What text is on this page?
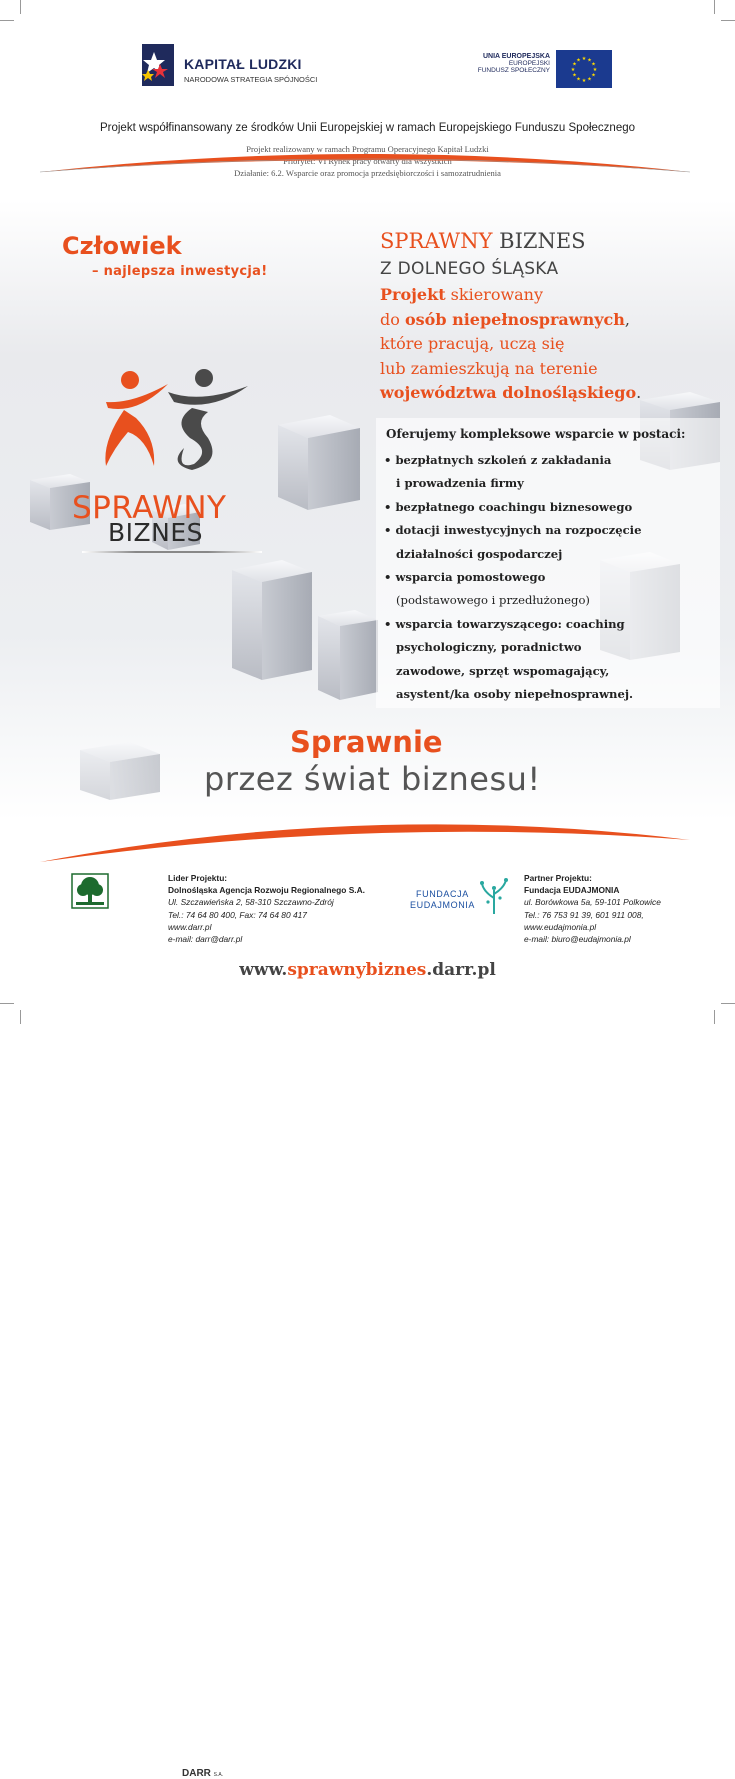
KAPITAŁ LUDZKI
NARODOWA STRATEGIA SPÓJNOŚCI
UNIA EUROPEJSKA
EUROPEJSKI
FUNDUSZ SPOŁECZNY	★
★
★
★
★
★
★
★
★ ★ ★
★
Projekt współfinansowany ze środków Unii Europejskiej w ramach Europejskiego Funduszu Społecznego
Projekt realizowany w ramach Programu Operacyjnego Kapitał Ludzki
Priorytet: VI Rynek pracy otwarty dla wszystkich
Działanie: 6.2. Wsparcie oraz promocja przedsiębiorczości i samozatrudnienia
Człowiek
– najlepsza inwestycja!
SPRAWNY
BIZNES
SPRAWNY BIZNES
Z DOLNEGO ŚLĄSKA
Projekt skierowany
do osób niepełnosprawnych,
które pracują, uczą się
lub zamieszkują na terenie
województwa dolnośląskiego.
Oferujemy kompleksowe wsparcie w postaci:
• bezpłatnych szkoleń z zakładania
i prowadzenia firmy
• bezpłatnego coachingu biznesowego
• dotacji inwestycyjnych na rozpoczęcie
działalności gospodarczej
• wsparcia pomostowego
(podstawowego i przedłużonego)
• wsparcia towarzyszącego: coaching
psychologiczny, poradnictwo
zawodowe, sprzęt wspomagający,
asystent/ka osoby niepełnosprawnej.
Sprawnie
przez świat biznesu!
DARR S.A.
Lider Projektu:
Dolnośląska Agencja Rozwoju Regionalnego S.A.
Ul. Szczawieńska 2, 58-310 Szczawno-Zdrój
Tel.: 74 64 80 400, Fax: 74 64 80 417
www.darr.pl
e-mail: darr@darr.pl
FUNDACJA
EUDAJMONIA
Partner Projektu:
Fundacja EUDAJMONIA
ul. Borówkowa 5a, 59-101 Polkowice
Tel.: 76 753 91 39, 601 911 008,
www.eudajmonia.pl
e-mail: biuro@eudajmonia.pl
www.sprawnybiznes.darr.pl
